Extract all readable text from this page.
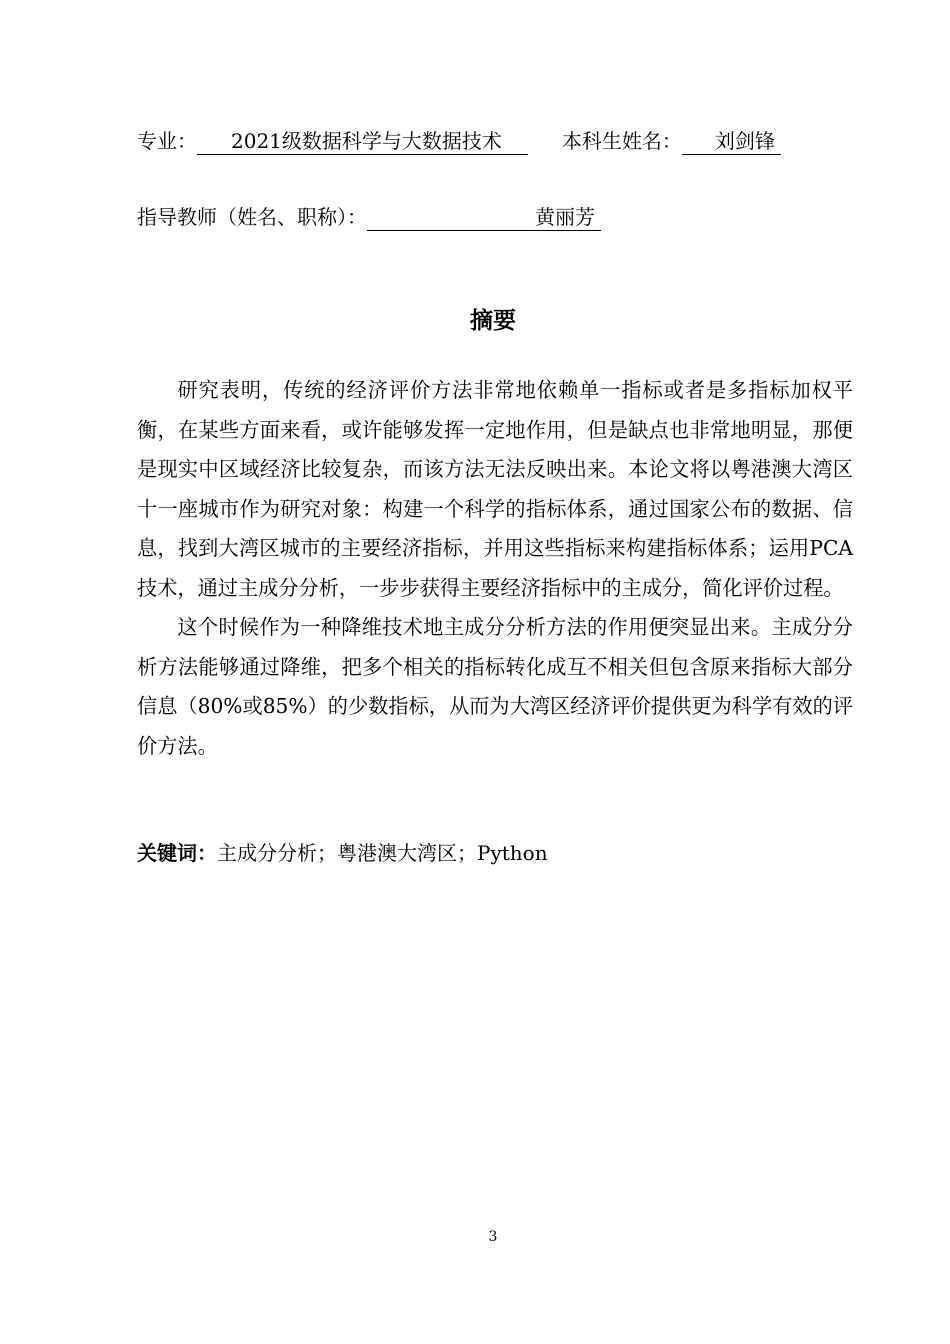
专业： 2021级数据科学与大数据技术	本科生姓名： 刘剑锋
指导教师（姓名、职称）：	黄丽芳
摘要

研究表明，传统的经济评价方法非常地依赖单一指标或者是多指标加权平衡，在某些方面来看，或许能够发挥一定地作用，但是缺点也非常地明显，那便是现实中区域经济比较复杂，而该方法无法反映出来。本论文将以粤港澳大湾区十一座城市作为研究对象：构建一个科学的指标体系，通过国家公布的数据、信息，找到大湾区城市的主要经济指标，并用这些指标来构建指标体系；运用PCA技术，通过主成分分析，一步步获得主要经济指标中的主成分，简化评价过程。

这个时候作为一种降维技术地主成分分析方法的作用便突显出来。主成分分析方法能够通过降维，把多个相关的指标转化成互不相关但包含原来指标大部分信息（80%或85%）的少数指标，从而为大湾区经济评价提供更为科学有效的评价方法。

关键词：主成分分析；粤港澳大湾区；Python
3
